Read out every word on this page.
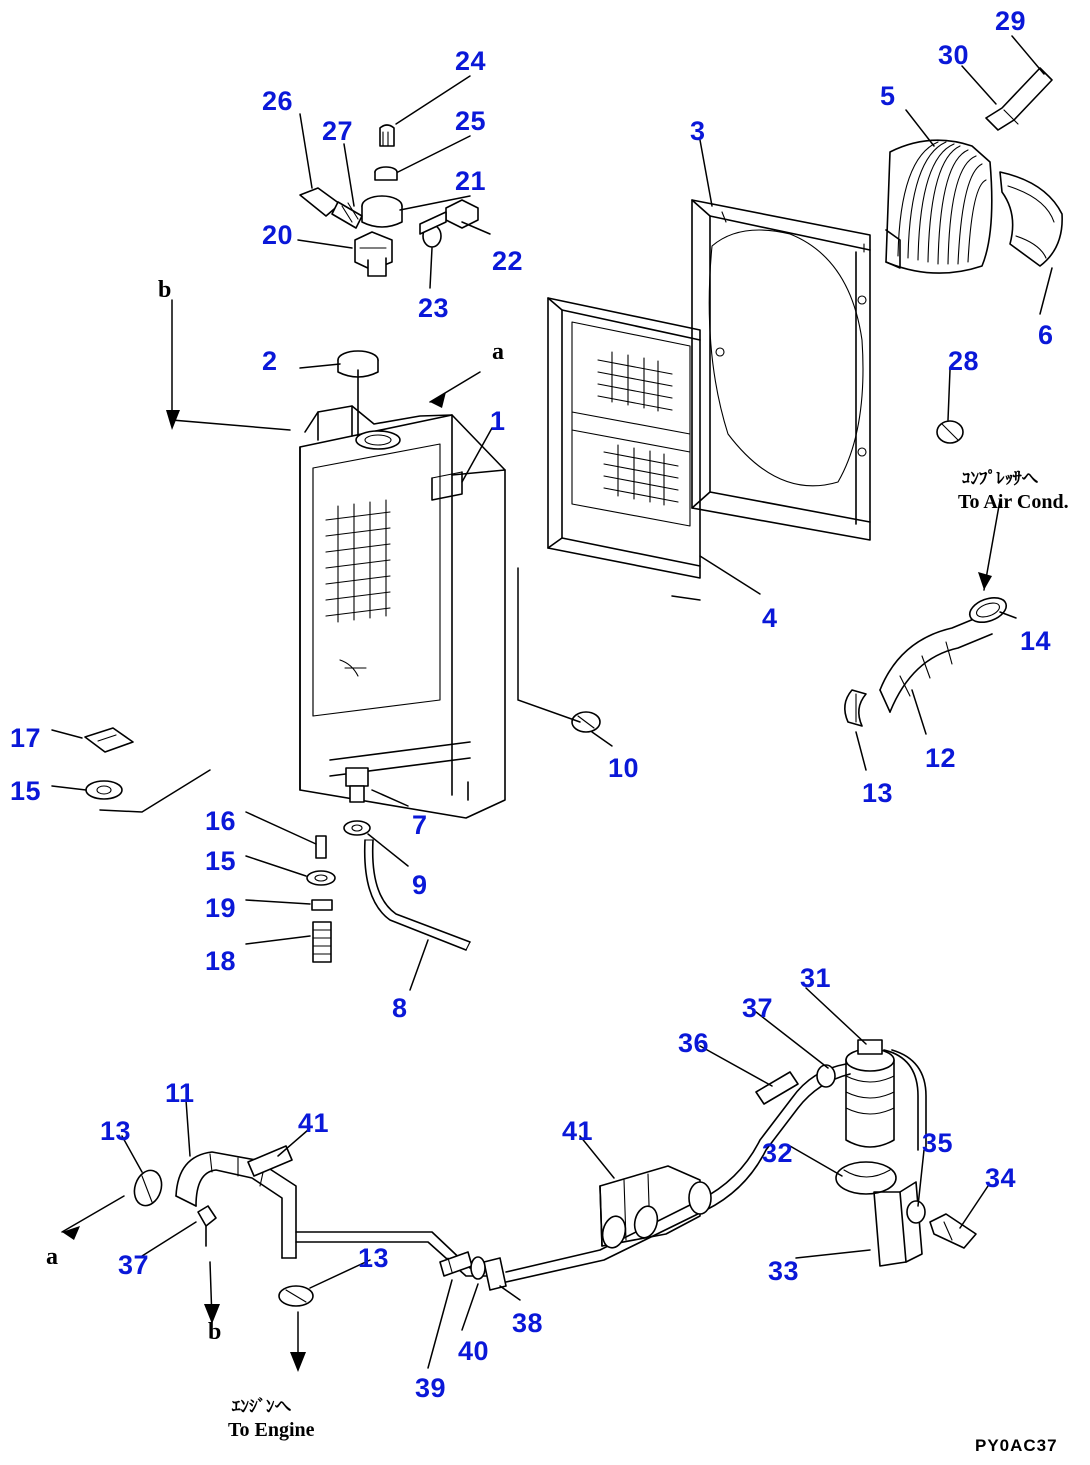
29
30
5
24
26
25
27	3
21
20
22
23
6
28
2
1
4
14
12
13
17
15
10
16	7
15
9
19
18
8
31
37
36
11
13	41	41
32	35
34
37	13	33
38
40
39
b
a
a
b
ｺﾝﾌﾟﾚｯｻへ
To Air Cond.
ｴﾝｼﾞﾝへ
To Engine
PY0AC37
